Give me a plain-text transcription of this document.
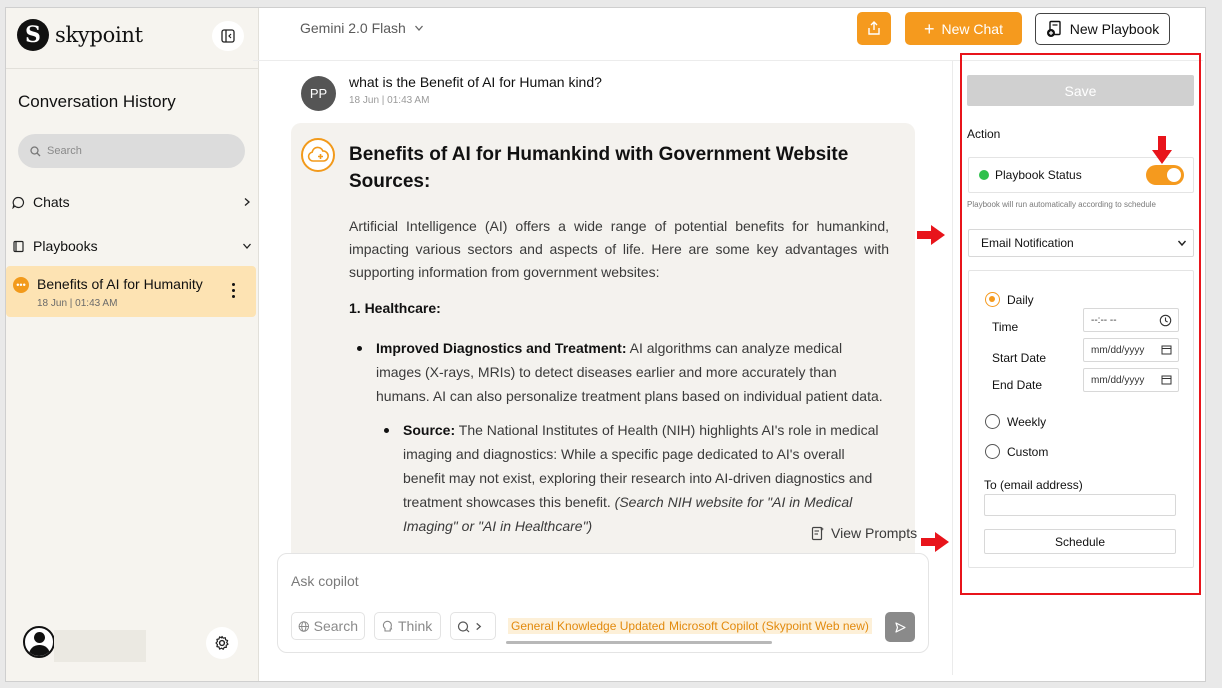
S skypoint
Conversation History
Search
Chats
Playbooks
••• Benefits of AI for Humanity
18 Jun | 01:43 AM
Gemini 2.0 Flash	+ New Chat	New Playbook
PP
what is the Benefit of AI for Human kind?
18 Jun | 01:43 AM
Benefits of AI for Humankind with Government Website Sources:
Artificial Intelligence (AI) offers a wide range of potential benefits for humankind, impacting various sectors and aspects of life. Here are some key advantages with supporting information from government websites:
1. Healthcare:
Improved Diagnostics and Treatment: AI algorithms can analyze medical images (X-rays, MRIs) to detect diseases earlier and more accurately than humans. AI can also personalize treatment plans based on individual patient data.
Source: The National Institutes of Health (NIH) highlights AI's role in medical imaging and diagnostics: While a specific page dedicated to AI's overall benefit may not exist, exploring their research into AI-driven diagnostics and treatment showcases this benefit. (Search NIH website for "AI in Medical Imaging" or "AI in Healthcare")	View Prompts
Ask copilot
Search	Think	General Knowledge Updated Microsoft Copilot (Skypoint Web new)
Save
Action
Playbook Status
Playbook will run automatically according to schedule
Email Notification
Daily
Time	--:-- --
Start Date
mm/dd/yyyy
End Date	mm/dd/yyyy
Weekly
Custom
To (email address)
Schedule
